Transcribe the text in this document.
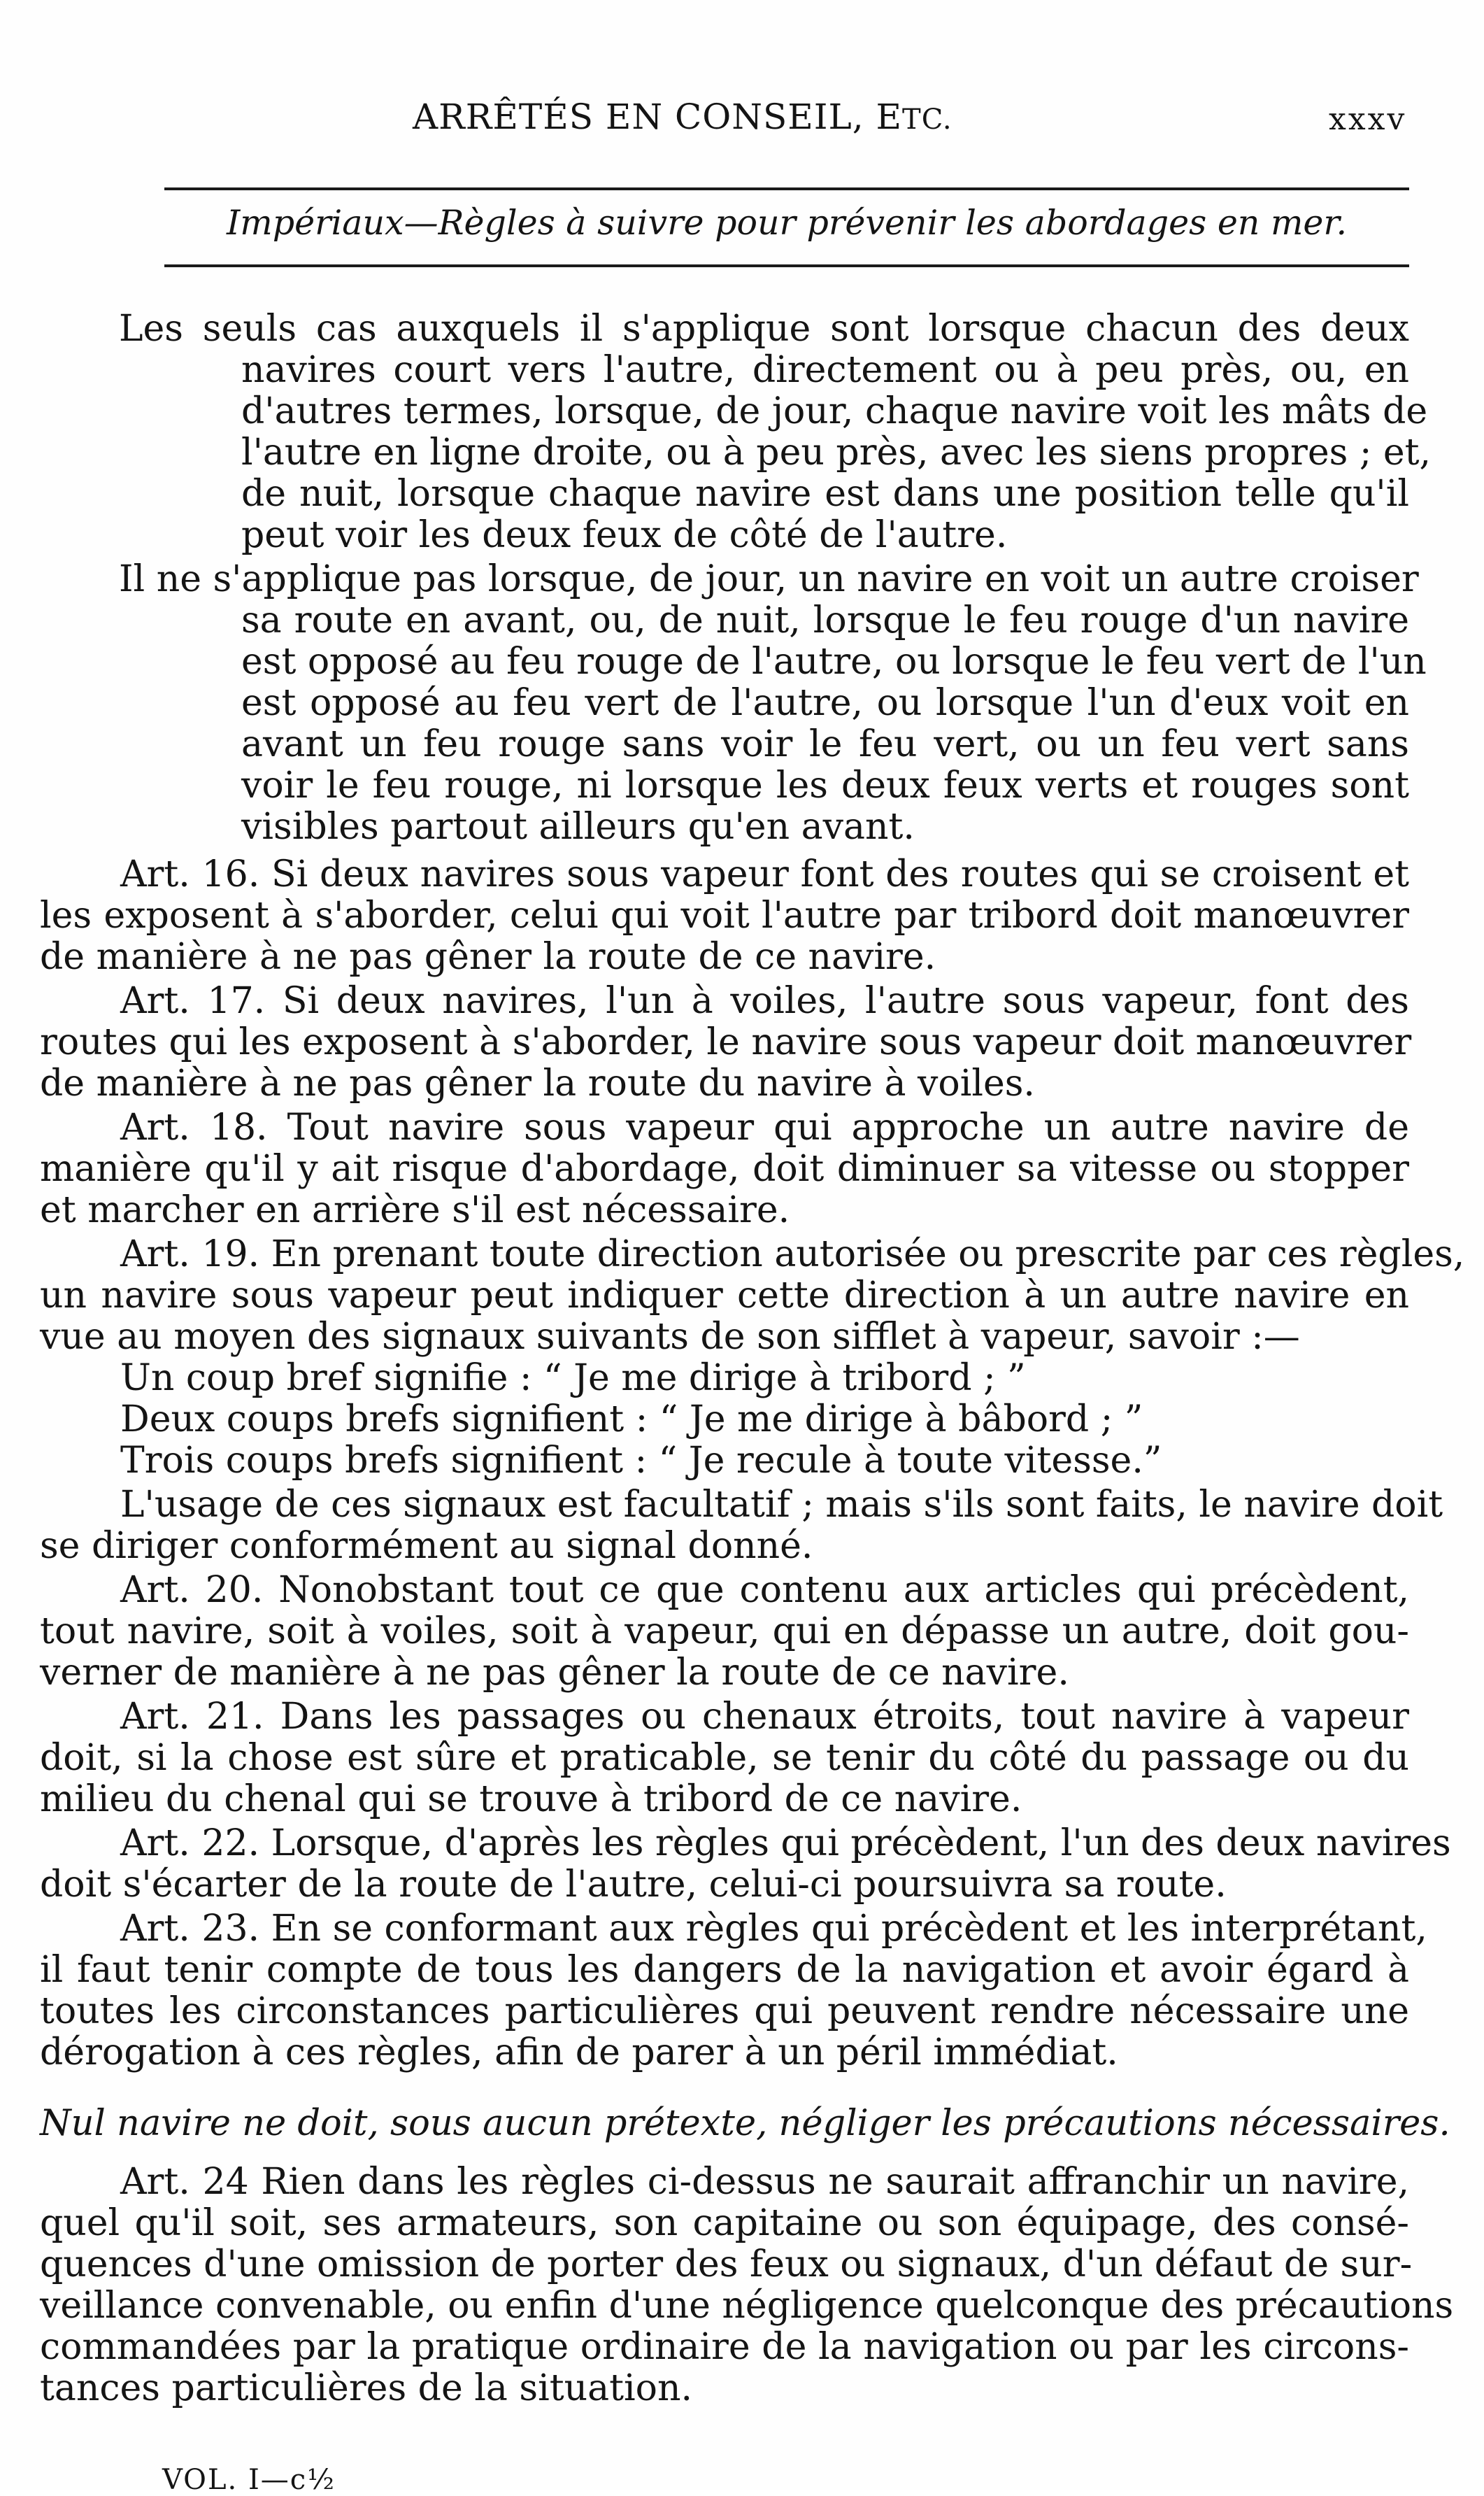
ARRÊTÉS EN CONSEIL, ETC.	xxxv
Impériaux—Règles à suivre pour prévenir les abordages en mer.
Les seuls cas auxquels il s'applique sont lorsque chacun des deux
navires court vers l'autre, directement ou à peu près, ou, en
d'autres termes, lorsque, de jour, chaque navire voit les mâts de
l'autre en ligne droite, ou à peu près, avec les siens propres ; et,
de nuit, lorsque chaque navire est dans une position telle qu'il
peut voir les deux feux de côté de l'autre.
Il ne s'applique pas lorsque, de jour, un navire en voit un autre croiser
sa route en avant, ou, de nuit, lorsque le feu rouge d'un navire
est opposé au feu rouge de l'autre, ou lorsque le feu vert de l'un
est opposé au feu vert de l'autre, ou lorsque l'un d'eux voit en
avant un feu rouge sans voir le feu vert, ou un feu vert sans
voir le feu rouge, ni lorsque les deux feux verts et rouges sont
visibles partout ailleurs qu'en avant.
Art. 16. Si deux navires sous vapeur font des routes qui se croisent et
les exposent à s'aborder, celui qui voit l'autre par tribord doit manœuvrer
de manière à ne pas gêner la route de ce navire.
Art. 17. Si deux navires, l'un à voiles, l'autre sous vapeur, font des
routes qui les exposent à s'aborder, le navire sous vapeur doit manœuvrer
de manière à ne pas gêner la route du navire à voiles.
Art. 18. Tout navire sous vapeur qui approche un autre navire de
manière qu'il y ait risque d'abordage, doit diminuer sa vitesse ou stopper
et marcher en arrière s'il est nécessaire.
Art. 19. En prenant toute direction autorisée ou prescrite par ces règles,
un navire sous vapeur peut indiquer cette direction à un autre navire en
vue au moyen des signaux suivants de son sifflet à vapeur, savoir :—
Un coup bref signifie : “ Je me dirige à tribord ; ”
Deux coups brefs signifient : “ Je me dirige à bâbord ; ”
Trois coups brefs signifient : “ Je recule à toute vitesse.”
L'usage de ces signaux est facultatif ; mais s'ils sont faits, le navire doit
se diriger conformément au signal donné.
Art. 20. Nonobstant tout ce que contenu aux articles qui précèdent,
tout navire, soit à voiles, soit à vapeur, qui en dépasse un autre, doit gou-
verner de manière à ne pas gêner la route de ce navire.
Art. 21. Dans les passages ou chenaux étroits, tout navire à vapeur
doit, si la chose est sûre et praticable, se tenir du côté du passage ou du
milieu du chenal qui se trouve à tribord de ce navire.
Art. 22. Lorsque, d'après les règles qui précèdent, l'un des deux navires
doit s'écarter de la route de l'autre, celui-ci poursuivra sa route.
Art. 23. En se conformant aux règles qui précèdent et les interprétant,
il faut tenir compte de tous les dangers de la navigation et avoir égard à
toutes les circonstances particulières qui peuvent rendre nécessaire une
dérogation à ces règles, afin de parer à un péril immédiat.
Nul navire ne doit, sous aucun prétexte, négliger les précautions nécessaires.
Art. 24 Rien dans les règles ci-dessus ne saurait affranchir un navire,
quel qu'il soit, ses armateurs, son capitaine ou son équipage, des consé-
quences d'une omission de porter des feux ou signaux, d'un défaut de sur-
veillance convenable, ou enfin d'une négligence quelconque des précautions
commandées par la pratique ordinaire de la navigation ou par les circons-
tances particulières de la situation.
VOL. I—c½
